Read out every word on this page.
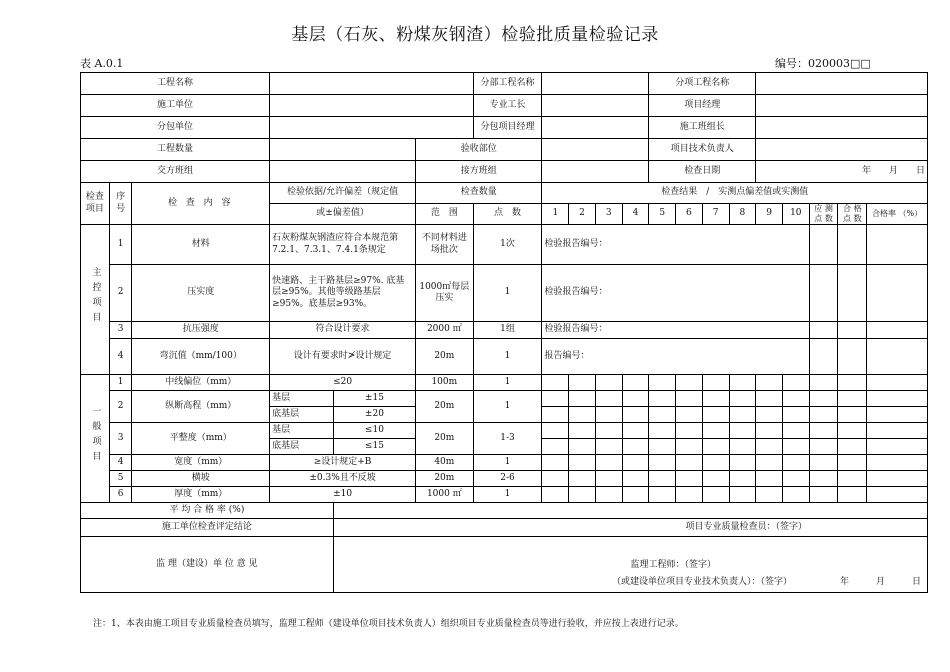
基层（石灰、粉煤灰钢渣）检验批质量检验记录
表 A.0.1	编号：020003□□
工程名称						分部工程名称					分项工程名称								
施工单位						专业工长					项目经理								
分包单位						分包项目经理					施工班组长								
工程数量					验收部位						项目技术负责人								
交方班组					接方班组						检查日期				年　　月　　日				
检查项目	序号	检 查 内 容	检验依据/允许偏差（规定值		检查数量		检查结果　/　实测点偏差值或实测值												
			或±偏差值）		范　围	点　数	1	2	3	4	5	6	7	8	9	10	应 测 点 数	合 格 点 数	合格率 （%）
主控项目	1	材料	石灰粉煤灰钢渣应符合本规范第7.2.1、7.3.1、7.4.1条规定		不同材料进场批次	1次	检验报告编号：												
	2	压实度	快速路、主干路基层≥97%. 底基层≥95%。其他等级路基层≥95%。底基层≥93%。		1000㎡每层压实	1	检验报告编号：												
	3	抗压强度	符合设计要求		2000 ㎡	1组	检验报告编号：												
	4	弯沉值（mm/100）	设计有要求时≯设计规定		20m	1	报告编号：												
一般项目	1	中线偏位（mm）	≤20		100m	1													
	2	纵断高程（mm）	基层	±15	20m	1													
			底基层	±20															
	3	平整度（mm）	基层	≤10	20m	1-3													
			底基层	≤15															
	4	宽度（mm）	≥设计规定+B		40m	1													
	5	横坡	±0.3%且不反坡		20m	2-6													
	6	厚度（mm）	±10		1000 ㎡	1													
平 均 合 格 率 (%)																			
施工单位检查评定结论				项目专业质量检查员：（签字）															
监 理（建设）单 位 意 见				监理工程师：（签字）
（或建设单位项目专业技术负责人）：（签字） 年　　　月　　　日															
注：1、本表由施工项目专业质量检查员填写，监理工程师（建设单位项目技术负责人）组织项目专业质量检查员等进行验收，并应按上表进行记录。
